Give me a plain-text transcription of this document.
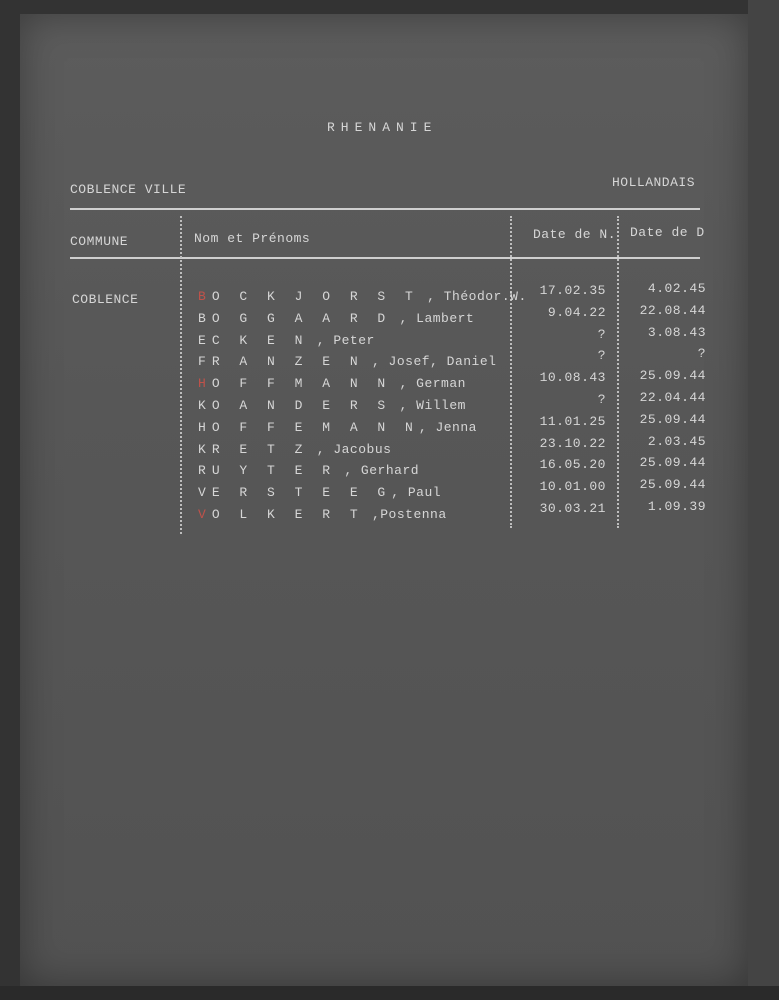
RHENANIE
COBLENCE VILLE	HOLLANDAIS
COMMUNE	Nom et Prénoms	Date de N. Date de D
COBLENCE	BO C K J O R S T , Théodor.W. 17.02.35	4.02.45
BO G G A A R D , Lambert	9.04.22	22.08.44
EC K E N , Peter	?	3.08.43
FR A N Z E N , Josef, Daniel	?	?
HO F F M A N N , German	10.08.43	25.09.44
KO A N D E R S , Willem	?	22.04.44
HO F F E M A N N, Jenna	11.01.25	25.09.44
KR E T Z , Jacobus	23.10.22	2.03.45
RU Y T E R , Gerhard	16.05.20	25.09.44
VE R S T E E G, Paul	10.01.00	25.09.44
VO L K E R T ,Postenna	30.03.21	1.09.39
